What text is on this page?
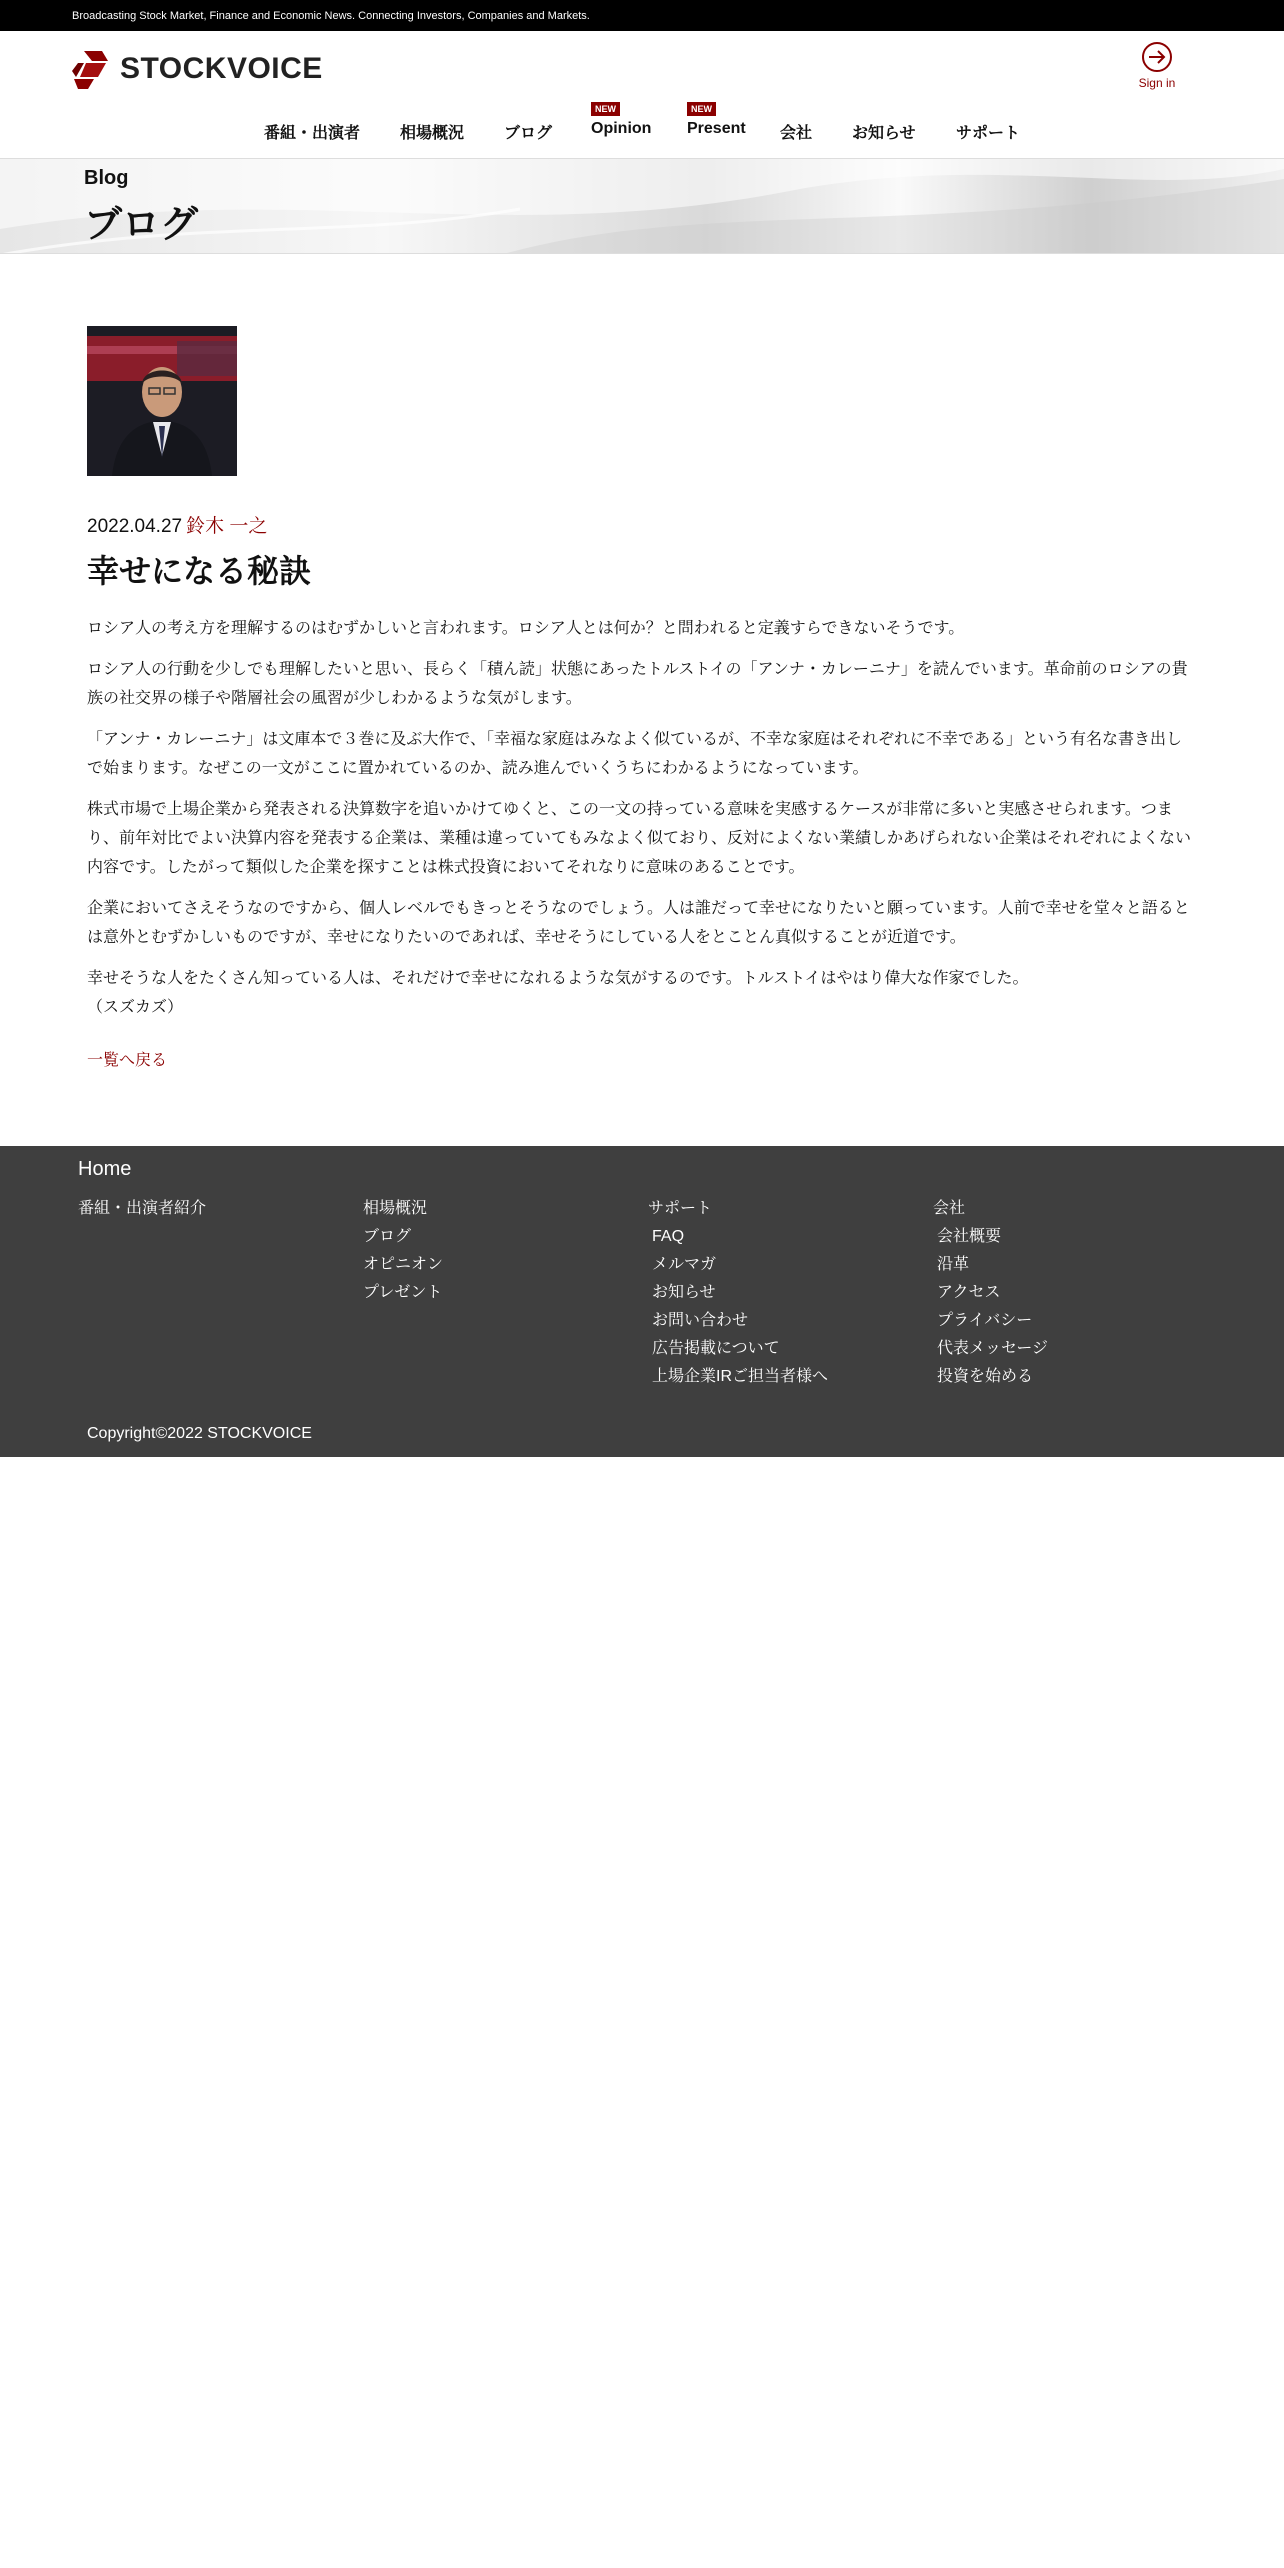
Broadcasting Stock Market, Finance and Economic News. Connecting Investors, Companies and Markets.
STOCKVOICE	Sign in
番組・出演者 相場概況 ブログ
NEW
Opinion
NEW
Present 会社 お知らせ	サポート
Blog
ブログ
2022.04.27 鈴木 一之
幸せになる秘訣

ロシア人の考え方を理解するのはむずかしいと言われます。ロシア人とは何か？と問われると定義すらできないそうです。

ロシア人の行動を少しでも理解したいと思い、長らく「積ん読」状態にあったトルストイの「アンナ・カレーニナ」を読んでいます。革命前のロシアの貴族の社交界の様子や階層社会の風習が少しわかるような気がします。

「アンナ・カレーニナ」は文庫本で３巻に及ぶ大作で、「幸福な家庭はみなよく似ているが、不幸な家庭はそれぞれに不幸である」という有名な書き出しで始まります。なぜこの一文がここに置かれているのか、読み進んでいくうちにわかるようになっています。

株式市場で上場企業から発表される決算数字を追いかけてゆくと、この一文の持っている意味を実感するケースが非常に多いと実感させられます。つまり、前年対比でよい決算内容を発表する企業は、業種は違っていてもみなよく似ており、反対によくない業績しかあげられない企業はそれぞれによくない内容です。したがって類似した企業を探すことは株式投資においてそれなりに意味のあることです。

企業においてさえそうなのですから、個人レベルでもきっとそうなのでしょう。人は誰だって幸せになりたいと願っています。人前で幸せを堂々と語るとは意外とむずかしいものですが、幸せになりたいのであれば、幸せそうにしている人をとことん真似することが近道です。

幸せそうな人をたくさん知っている人は、それだけで幸せになれるような気がするのです。トルストイはやはり偉大な作家でした。

（スズカズ）

一覧へ戻る
Home
番組・出演者紹介	相場概況
ブログ
オピニオン
プレゼント
サポート
FAQ
メルマガ
お知らせ
お問い合わせ
広告掲載について
上場企業IRご担当者様へ
会社
会社概要
沿革
アクセス
プライバシー
代表メッセージ
投資を始める
Copyright©2022 STOCKVOICE
